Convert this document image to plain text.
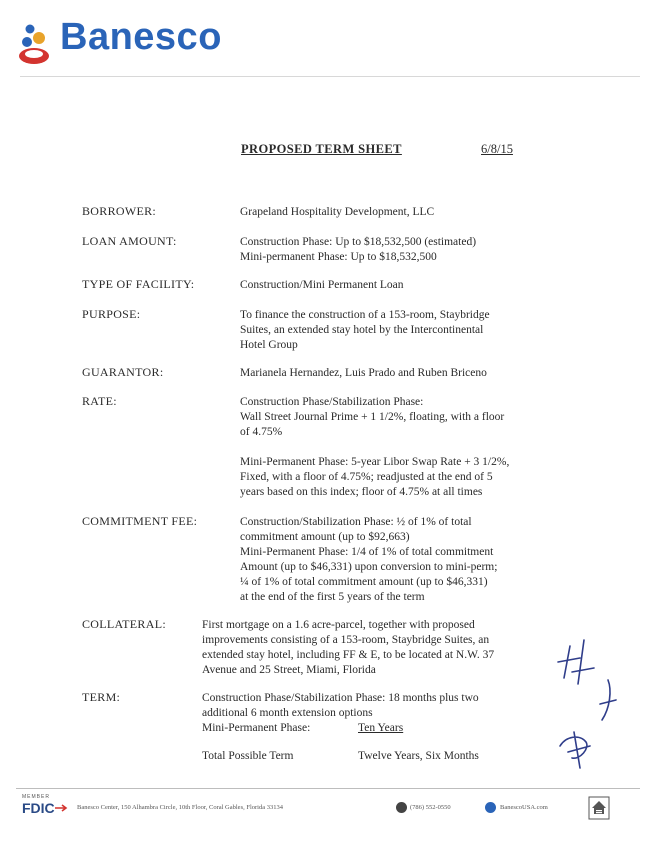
Banesco
PROPOSED TERM SHEET	6/8/15
BORROWER:	Grapeland Hospitality Development, LLC
LOAN AMOUNT:	Construction Phase: Up to $18,532,500 (estimated)
Mini-permanent Phase: Up to $18,532,500
TYPE OF FACILITY:	Construction/Mini Permanent Loan
PURPOSE:	To finance the construction of a 153-room, Staybridge
Suites, an extended stay hotel by the Intercontinental
Hotel Group
GUARANTOR:	Marianela Hernandez, Luis Prado and Ruben Briceno
RATE:	Construction Phase/Stabilization Phase:
Wall Street Journal Prime + 1 1/2%, floating, with a floor
of 4.75%
Mini-Permanent Phase: 5-year Libor Swap Rate + 3 1/2%,
Fixed, with a floor of 4.75%; readjusted at the end of 5
years based on this index; floor of 4.75% at all times
COMMITMENT FEE:	Construction/Stabilization Phase: ½ of 1% of total
commitment amount (up to $92,663)
Mini-Permanent Phase: 1/4 of 1% of total commitment
Amount (up to $46,331) upon conversion to mini-perm;
¼ of 1% of total commitment amount (up to $46,331)
at the end of the first 5 years of the term
COLLATERAL:	First mortgage on a 1.6 acre-parcel, together with proposed
improvements consisting of a 153-room, Staybridge Suites, an
extended stay hotel, including FF & E, to be located at N.W. 37
Avenue and 25 Street, Miami, Florida
TERM:	Construction Phase/Stabilization Phase: 18 months plus two
additional 6 month extension options
Mini-Permanent Phase:	Ten Years
Total Possible Term	Twelve Years, Six Months
MEMBER
FDIC	Banesco Center, 150 Alhambra Circle, 10th Floor, Coral Gables, Florida 33134	(786) 552-0550	BanescoUSA.com
